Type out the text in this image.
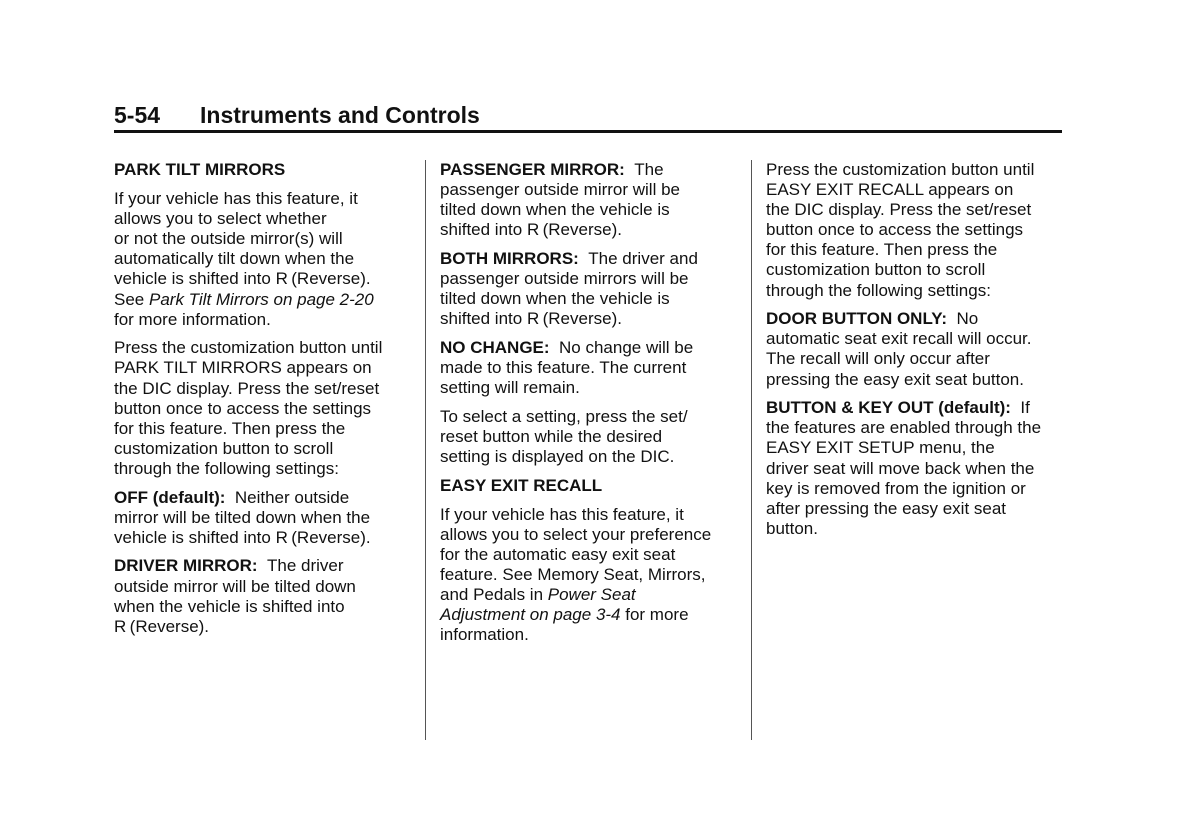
5-54 Instruments and Controls

PARK TILT MIRRORS

If your vehicle has this feature, it
allows you to select whether
or not the outside mirror(s) will
automatically tilt down when the
vehicle is shifted into R (Reverse).
See Park Tilt Mirrors on page 2-20
for more information.

Press the customization button until
PARK TILT MIRRORS appears on
the DIC display. Press the set/reset
button once to access the settings
for this feature. Then press the
customization button to scroll
through the following settings:

OFF (default): Neither outside
mirror will be tilted down when the
vehicle is shifted into R (Reverse).

DRIVER MIRROR: The driver
outside mirror will be tilted down
when the vehicle is shifted into
R (Reverse).

PASSENGER MIRROR: The
passenger outside mirror will be
tilted down when the vehicle is
shifted into R (Reverse).

BOTH MIRRORS: The driver and
passenger outside mirrors will be
tilted down when the vehicle is
shifted into R (Reverse).

NO CHANGE: No change will be
made to this feature. The current
setting will remain.

To select a setting, press the set/
reset button while the desired
setting is displayed on the DIC.

EASY EXIT RECALL

If your vehicle has this feature, it
allows you to select your preference
for the automatic easy exit seat
feature. See Memory Seat, Mirrors,
and Pedals in Power Seat
Adjustment on page 3-4 for more
information.

Press the customization button until
EASY EXIT RECALL appears on
the DIC display. Press the set/reset
button once to access the settings
for this feature. Then press the
customization button to scroll
through the following settings:

DOOR BUTTON ONLY: No
automatic seat exit recall will occur.
The recall will only occur after
pressing the easy exit seat button.

BUTTON & KEY OUT (default): If
the features are enabled through the
EASY EXIT SETUP menu, the
driver seat will move back when the
key is removed from the ignition or
after pressing the easy exit seat
button.
